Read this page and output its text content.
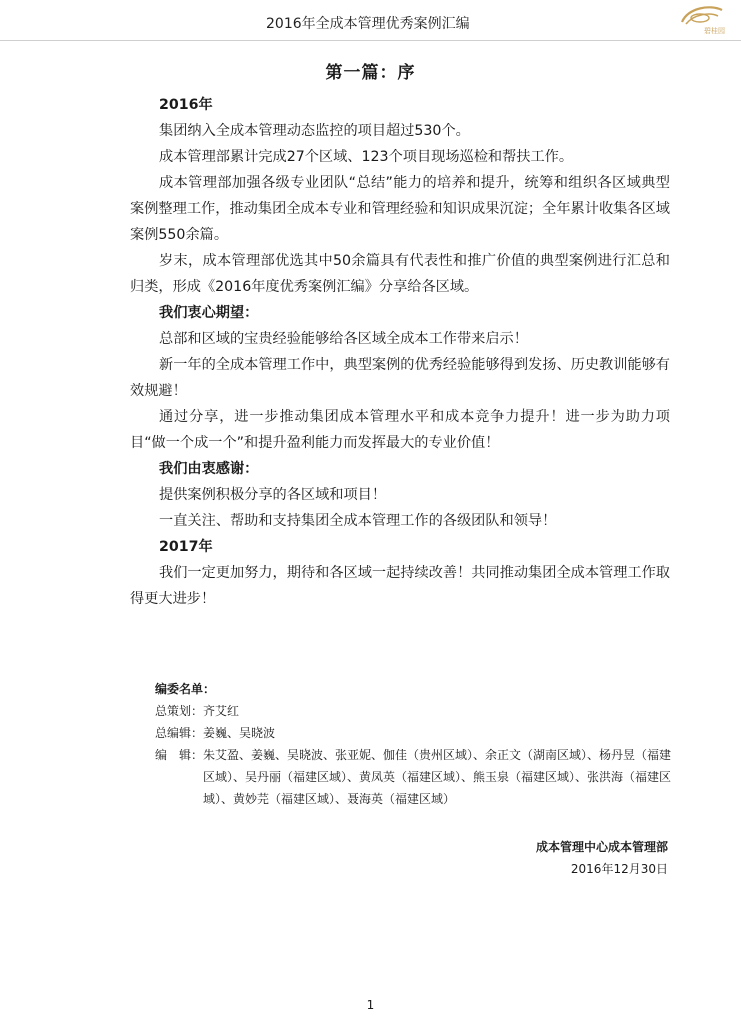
2016年全成本管理优秀案例汇编	碧桂园
第一篇：序

2016年

集团纳入全成本管理动态监控的项目超过530个。

成本管理部累计完成27个区域、123个项目现场巡检和帮扶工作。

成本管理部加强各级专业团队“总结”能力的培养和提升，统筹和组织各区域典型案例整理工作，推动集团全成本专业和管理经验和知识成果沉淀；全年累计收集各区域案例550余篇。

岁末，成本管理部优选其中50余篇具有代表性和推广价值的典型案例进行汇总和归类，形成《2016年度优秀案例汇编》分享给各区域。

我们衷心期望：

总部和区域的宝贵经验能够给各区域全成本工作带来启示！

新一年的全成本管理工作中，典型案例的优秀经验能够得到发扬、历史教训能够有效规避！

通过分享，进一步推动集团成本管理水平和成本竞争力提升！进一步为助力项目“做一个成一个”和提升盈利能力而发挥最大的专业价值！

我们由衷感谢：

提供案例积极分享的各区域和项目！

一直关注、帮助和支持集团全成本管理工作的各级团队和领导！

2017年

我们一定更加努力，期待和各区域一起持续改善！共同推动集团全成本管理工作取得更大进步！

编委名单：
总策划： 齐艾红
总编辑： 姜巍、吴晓波
编　辑： 朱艾盈、姜巍、吴晓波、张亚妮、伽佳（贵州区域）、余正文（湖南区域）、杨丹昱（福建区域）、吴丹丽（福建区域）、黄凤英（福建区域）、熊玉泉（福建区域）、张洪海（福建区域）、黄妙芫（福建区域）、聂海英（福建区域）
成本管理中心成本管理部
2016年12月30日
1
